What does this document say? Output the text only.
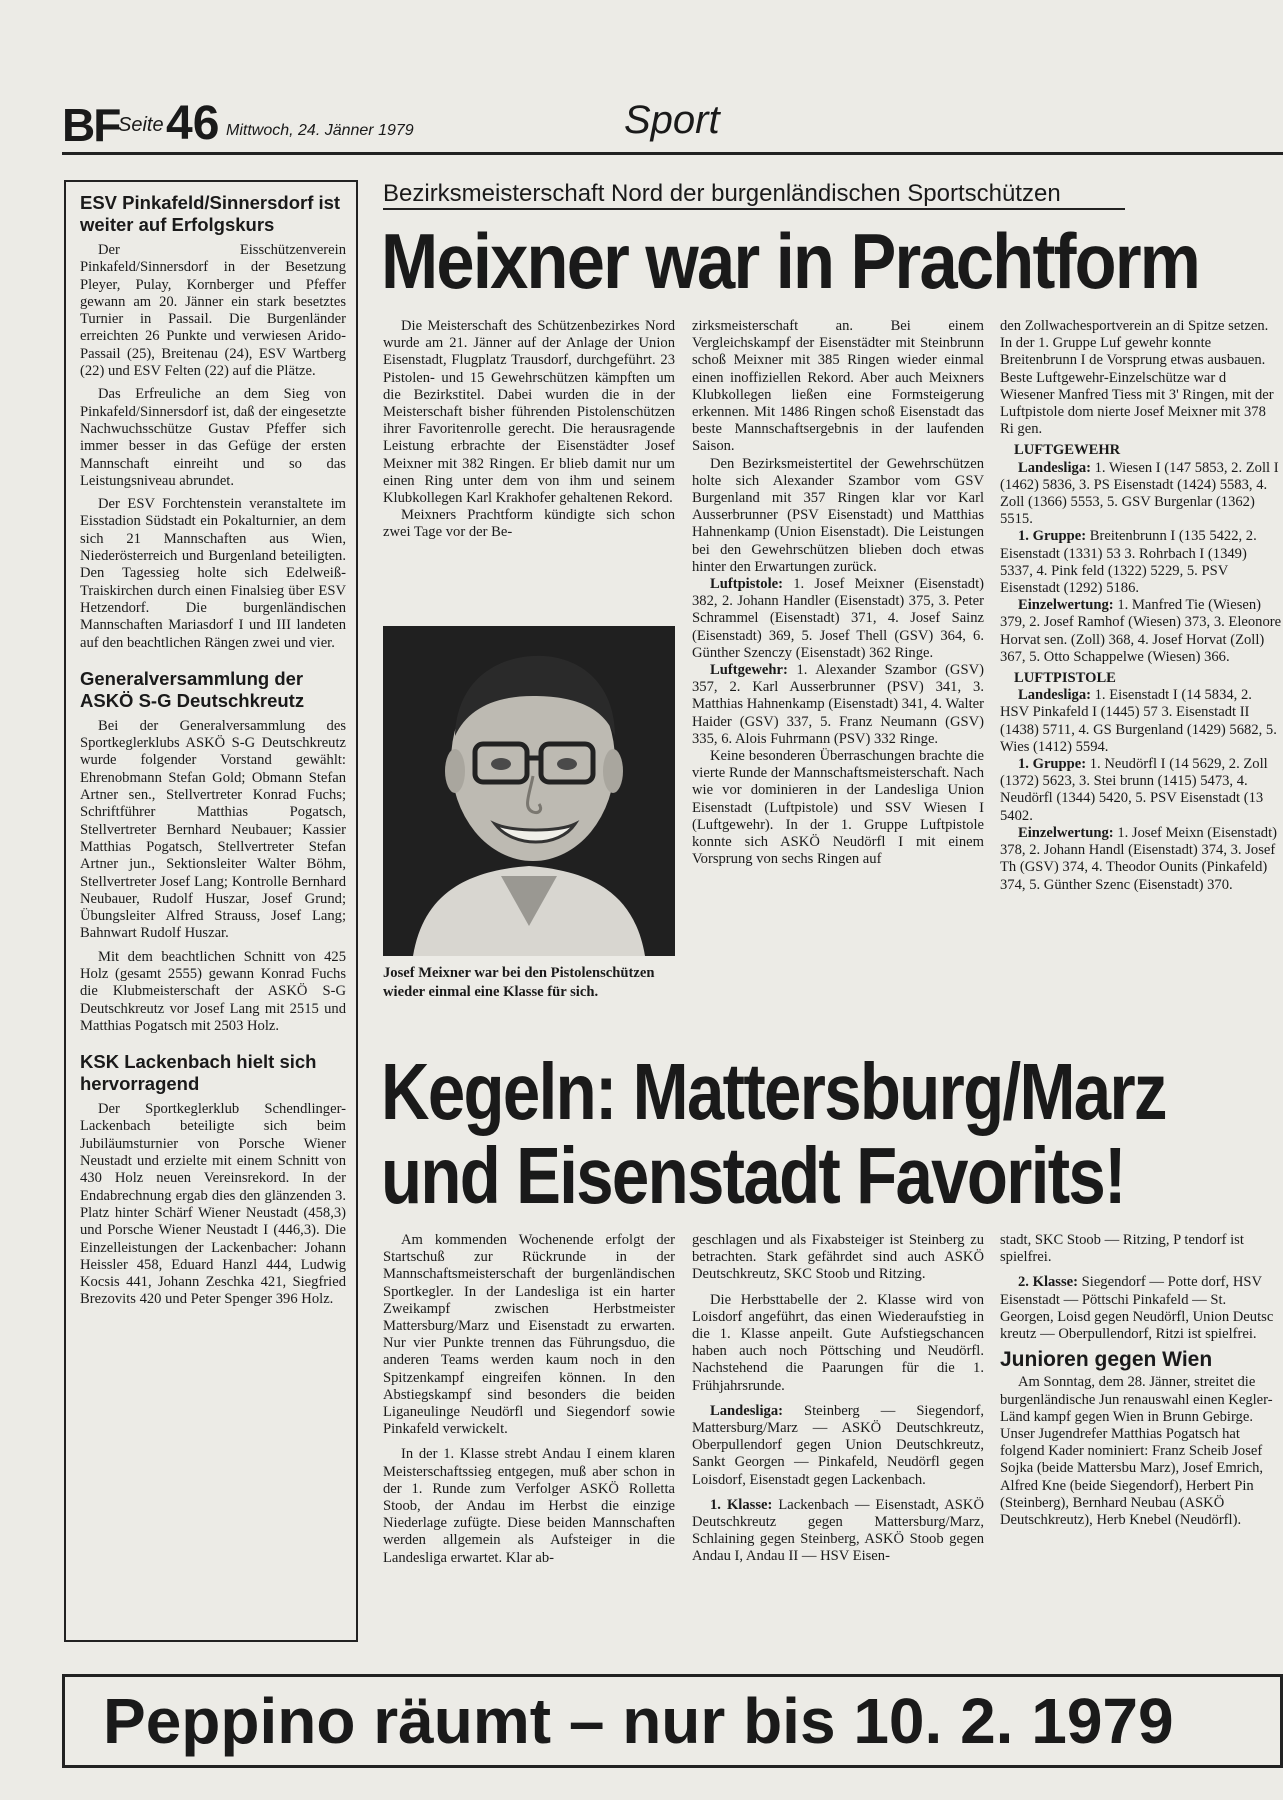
BF
Seite 46 Mittwoch, 24. Jänner 1979	Sport
ESV Pinkafeld/Sinnersdorf ist weiter auf Erfolgskurs

Der Eisschützenverein Pinkafeld/Sinnersdorf in der Besetzung Pleyer, Pulay, Kornberger und Pfeffer gewann am 20. Jänner ein stark besetztes Turnier in Passail. Die Burgenländer erreichten 26 Punkte und verwiesen Arido-Passail (25), Breitenau (24), ESV Wartberg (22) und ESV Felten (22) auf die Plätze.

Das Erfreuliche an dem Sieg von Pinkafeld/Sinnersdorf ist, daß der eingesetzte Nachwuchsschütze Gustav Pfeffer sich immer besser in das Gefüge der ersten Mannschaft einreiht und so das Leistungsniveau abrundet.

Der ESV Forchtenstein veranstaltete im Eisstadion Südstadt ein Pokalturnier, an dem sich 21 Mannschaften aus Wien, Niederösterreich und Burgenland beteiligten. Den Tagessieg holte sich Edelweiß-Traiskirchen durch einen Finalsieg über ESV Hetzendorf. Die burgenländischen Mannschaften Mariasdorf I und III landeten auf den beachtlichen Rängen zwei und vier.

Generalversammlung der ASKÖ S-G Deutschkreutz

Bei der Generalversammlung des Sportkeglerklubs ASKÖ S-G Deutschkreutz wurde folgender Vorstand gewählt: Ehrenobmann Stefan Gold; Obmann Stefan Artner sen., Stellvertreter Konrad Fuchs; Schriftführer Matthias Pogatsch, Stellvertreter Bernhard Neubauer; Kassier Matthias Pogatsch, Stellvertreter Stefan Artner jun., Sektionsleiter Walter Böhm, Stellvertreter Josef Lang; Kontrolle Bernhard Neubauer, Rudolf Huszar, Josef Grund; Übungsleiter Alfred Strauss, Josef Lang; Bahnwart Rudolf Huszar.

Mit dem beachtlichen Schnitt von 425 Holz (gesamt 2555) gewann Konrad Fuchs die Klubmeisterschaft der ASKÖ S-G Deutschkreutz vor Josef Lang mit 2515 und Matthias Pogatsch mit 2503 Holz.

KSK Lackenbach hielt sich hervorragend

Der Sportkeglerklub Schendlinger-Lackenbach beteiligte sich beim Jubiläumsturnier von Porsche Wiener Neustadt und erzielte mit einem Schnitt von 430 Holz neuen Vereinsrekord. In der Endabrechnung ergab dies den glänzenden 3. Platz hinter Schärf Wiener Neustadt (458,3) und Porsche Wiener Neustadt I (446,3). Die Einzelleistungen der Lackenbacher: Johann Heissler 458, Eduard Hanzl 444, Ludwig Kocsis 441, Johann Zeschka 421, Siegfried Brezovits 420 und Peter Spenger 396 Holz.

Bezirksmeisterschaft Nord der burgenländischen Sportschützen
Meixner war in Prachtform

Die Meisterschaft des Schützenbezirkes Nord wurde am 21. Jänner auf der Anlage der Union Eisenstadt, Flugplatz Trausdorf, durchgeführt. 23 Pistolen- und 15 Gewehrschützen kämpften um die Bezirkstitel. Dabei wurden die in der Meisterschaft bisher führenden Pistolenschützen ihrer Favoritenrolle gerecht. Die herausragende Leistung erbrachte der Eisenstädter Josef Meixner mit 382 Ringen. Er blieb damit nur um einen Ring unter dem von ihm und seinem Klubkollegen Karl Krakhofer gehaltenen Rekord.

Meixners Prachtform kündigte sich schon zwei Tage vor der Be-

Josef Meixner war bei den Pistolenschützen wieder einmal eine Klasse für sich.

zirksmeisterschaft an. Bei einem Vergleichskampf der Eisenstädter mit Steinbrunn schoß Meixner mit 385 Ringen wieder einmal einen inoffiziellen Rekord. Aber auch Meixners Klubkollegen ließen eine Formsteigerung erkennen. Mit 1486 Ringen schoß Eisenstadt das beste Mannschaftsergebnis in der laufenden Saison.

Den Bezirksmeistertitel der Gewehrschützen holte sich Alexander Szambor vom GSV Burgenland mit 357 Ringen klar vor Karl Ausserbrunner (PSV Eisenstadt) und Matthias Hahnenkamp (Union Eisenstadt). Die Leistungen bei den Gewehrschützen blieben doch etwas hinter den Erwartungen zurück.

Luftpistole: 1. Josef Meixner (Eisenstadt) 382, 2. Johann Handler (Eisenstadt) 375, 3. Peter Schrammel (Eisenstadt) 371, 4. Josef Sainz (Eisenstadt) 369, 5. Josef Thell (GSV) 364, 6. Günther Szenczy (Eisenstadt) 362 Ringe.

Luftgewehr: 1. Alexander Szambor (GSV) 357, 2. Karl Ausserbrunner (PSV) 341, 3. Matthias Hahnenkamp (Eisenstadt) 341, 4. Walter Haider (GSV) 337, 5. Franz Neumann (GSV) 335, 6. Alois Fuhrmann (PSV) 332 Ringe.

Keine besonderen Überraschungen brachte die vierte Runde der Mannschaftsmeisterschaft. Nach wie vor dominieren in der Landesliga Union Eisenstadt (Luftpistole) und SSV Wiesen I (Luftgewehr). In der 1. Gruppe Luftpistole konnte sich ASKÖ Neudörfl I mit einem Vorsprung von sechs Ringen auf

den Zollwachesportverein an di Spitze setzen. In der 1. Gruppe Luf gewehr konnte Breitenbrunn I de Vorsprung etwas ausbauen. Beste Luftgewehr-Einzelschütze war d Wiesener Manfred Tiess mit 3' Ringen, mit der Luftpistole dom nierte Josef Meixner mit 378 Ri gen.

LUFTGEWEHR

Landesliga: 1. Wiesen I (147 5853, 2. Zoll I (1462) 5836, 3. PS Eisenstadt (1424) 5583, 4. Zoll (1366) 5553, 5. GSV Burgenlar (1362) 5515.

1. Gruppe: Breitenbrunn I (135 5422, 2. Eisenstadt (1331) 53 3. Rohrbach I (1349) 5337, 4. Pink feld (1322) 5229, 5. PSV Eisenstadt (1292) 5186.

Einzelwertung: 1. Manfred Tie (Wiesen) 379, 2. Josef Ramhof (Wiesen) 373, 3. Eleonore Horvat sen. (Zoll) 368, 4. Josef Horvat (Zoll) 367, 5. Otto Schappelwe (Wiesen) 366.

LUFTPISTOLE

Landesliga: 1. Eisenstadt I (14 5834, 2. HSV Pinkafeld I (1445) 57 3. Eisenstadt II (1438) 5711, 4. GS Burgenland (1429) 5682, 5. Wies (1412) 5594.

1. Gruppe: 1. Neudörfl I (14 5629, 2. Zoll (1372) 5623, 3. Stei brunn (1415) 5473, 4. Neudörfl (1344) 5420, 5. PSV Eisenstadt (13 5402.

Einzelwertung: 1. Josef Meixn (Eisenstadt) 378, 2. Johann Handl (Eisenstadt) 374, 3. Josef Th (GSV) 374, 4. Theodor Ounits (Pinkafeld) 374, 5. Günther Szenc (Eisenstadt) 370.

Kegeln: Mattersburg/Marz
und Eisenstadt Favorits!

Am kommenden Wochenende erfolgt der Startschuß zur Rückrunde in der Mannschaftsmeisterschaft der burgenländischen Sportkegler. In der Landesliga ist ein harter Zweikampf zwischen Herbstmeister Mattersburg/Marz und Eisenstadt zu erwarten. Nur vier Punkte trennen das Führungsduo, die anderen Teams werden kaum noch in den Spitzenkampf eingreifen können. In den Abstiegskampf sind besonders die beiden Liganeulinge Neudörfl und Siegendorf sowie Pinkafeld verwickelt.

In der 1. Klasse strebt Andau I einem klaren Meisterschaftssieg entgegen, muß aber schon in der 1. Runde zum Verfolger ASKÖ Rolletta Stoob, der Andau im Herbst die einzige Niederlage zufügte. Diese beiden Mannschaften werden allgemein als Aufsteiger in die Landesliga erwartet. Klar ab-

geschlagen und als Fixabsteiger ist Steinberg zu betrachten. Stark gefährdet sind auch ASKÖ Deutschkreutz, SKC Stoob und Ritzing.

Die Herbsttabelle der 2. Klasse wird von Loisdorf angeführt, das einen Wiederaufstieg in die 1. Klasse anpeilt. Gute Aufstiegschancen haben auch noch Pöttsching und Neudörfl. Nachstehend die Paarungen für die 1. Frühjahrsrunde.

Landesliga: Steinberg — Siegendorf, Mattersburg/Marz — ASKÖ Deutschkreutz, Oberpullendorf gegen Union Deutschkreutz, Sankt Georgen — Pinkafeld, Neudörfl gegen Loisdorf, Eisenstadt gegen Lackenbach.

1. Klasse: Lackenbach — Eisenstadt, ASKÖ Deutschkreutz gegen Mattersburg/Marz, Schlaining gegen Steinberg, ASKÖ Stoob gegen Andau I, Andau II — HSV Eisen-

stadt, SKC Stoob — Ritzing, P tendorf ist spielfrei.

2. Klasse: Siegendorf — Potte dorf, HSV Eisenstadt — Pöttschi Pinkafeld — St. Georgen, Loisd gegen Neudörfl, Union Deutsc kreutz — Oberpullendorf, Ritzi ist spielfrei.

Junioren gegen Wien

Am Sonntag, dem 28. Jänner, streitet die burgenländische Jun renauswahl einen Kegler-Länd kampf gegen Wien in Brunn Gebirge. Unser Jugendrefer Matthias Pogatsch hat folgend Kader nominiert: Franz Scheib Josef Sojka (beide Mattersbu Marz), Josef Emrich, Alfred Kne (beide Siegendorf), Herbert Pin (Steinberg), Bernhard Neubau (ASKÖ Deutschkreutz), Herb Knebel (Neudörfl).

Peppino räumt – nur bis 10. 2. 1979
